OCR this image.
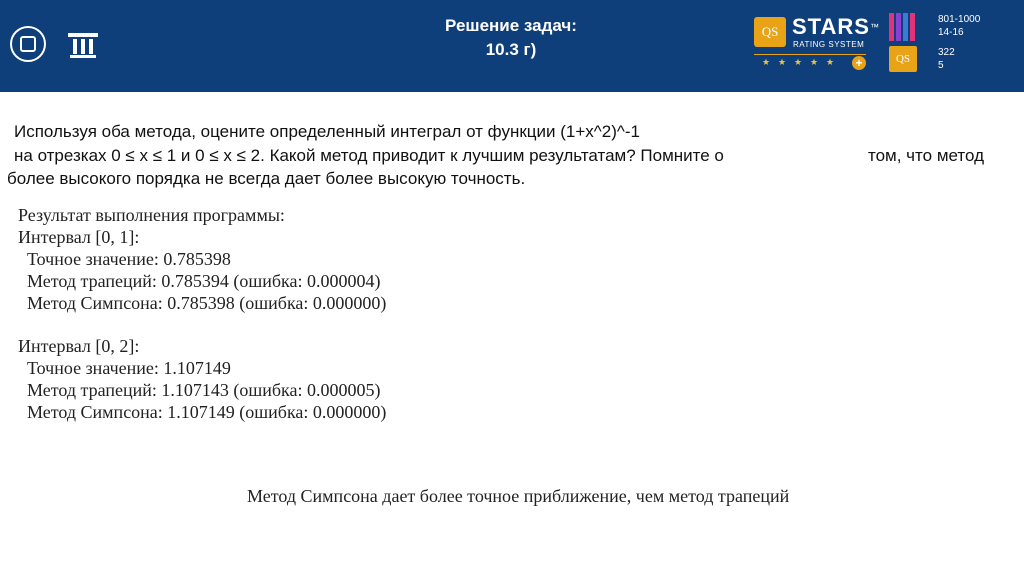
Решение задач:
10.3 г)
QS STARS™
RATING SYSTEM
★ ★ ★ ★ ★ +	QS
801-1000
14-16
322
5
Используя оба метода, оцените определенный интеграл от функции (1+x^2)^-1
на отрезках 0 ≤ x ≤ 1 и 0 ≤ x ≤ 2. Какой метод приводит к лучшим результатам? Помните о	том, что метод
более высокого порядка не всегда дает более высокую точность.
Результат выполнения программы:
Интервал [0, 1]:
Точное значение: 0.785398
Метод трапеций: 0.785394 (ошибка: 0.000004)
Метод Симпсона: 0.785398 (ошибка: 0.000000)
Интервал [0, 2]:
Точное значение: 1.107149
Метод трапеций: 1.107143 (ошибка: 0.000005)
Метод Симпсона: 1.107149 (ошибка: 0.000000)
Метод Симпсона дает более точное приближение, чем метод трапеций
